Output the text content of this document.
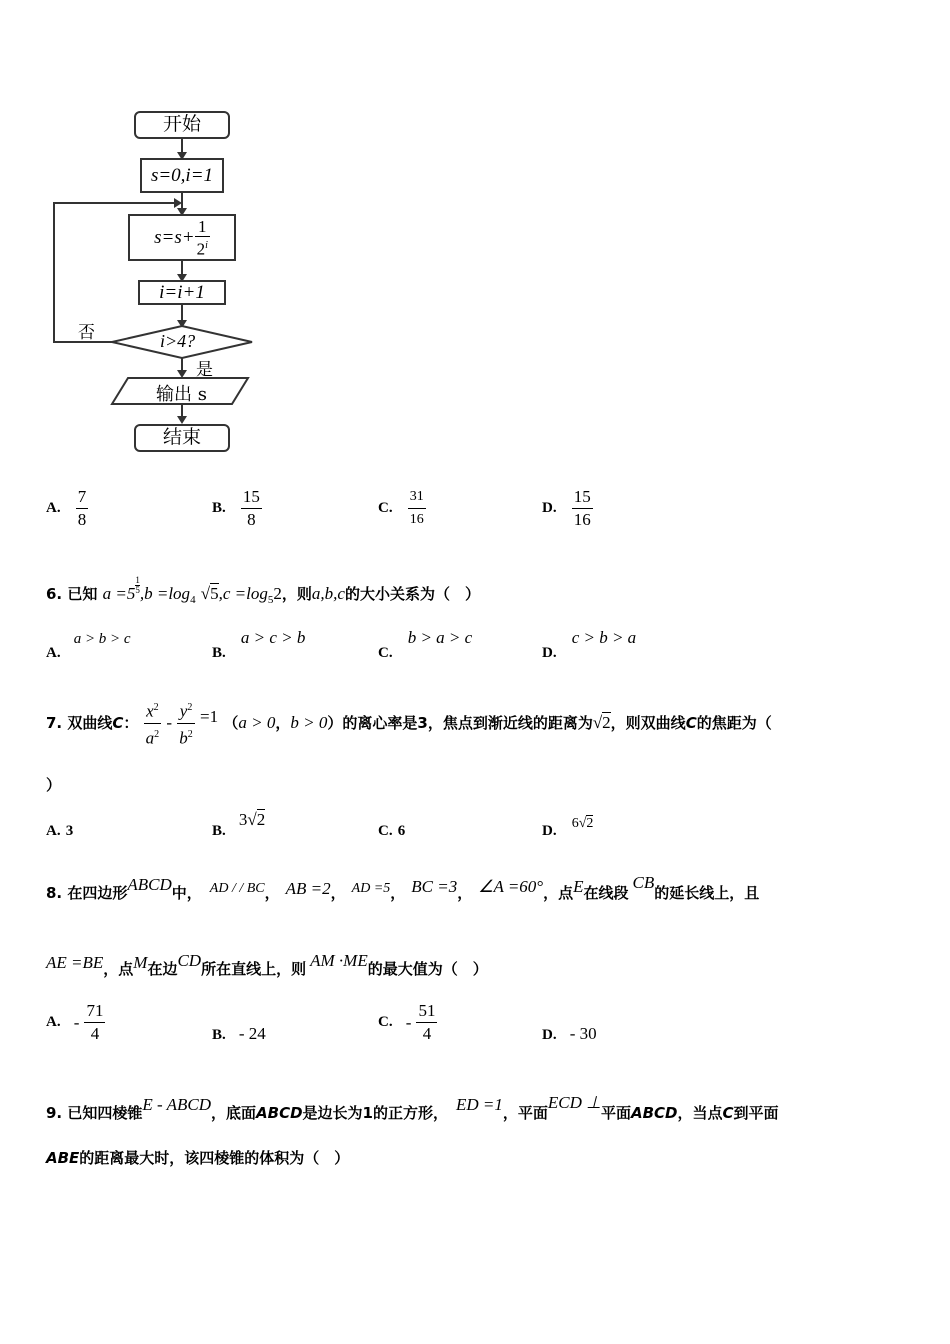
开始
s=0,i=1
$s=s+ \frac{1}{2^i}$
i=i+1
i>4?
否
是
输出 s
结束
A. $\frac{7}{8}$	B. $\frac{15}{8}$	C. $\frac{31}{16}$	D. $\frac{15}{16}$
6. 已知 $a =5 \frac{1}{5} ,b =\log_4$ $√5,c =\log_52$，则a,b,c的大小关系为（　）
A. a > b > c
B. a > c > b
C. b > a > c
D. c > b > a
7. 双曲线C： $\frac{x^2}{a^2} - \frac{y^2}{b^2} =1$ （a > 0，b > 0）的离心率是3，焦点到渐近线的距离为√2，则双曲线C的焦距为（
）
A. 3	B. 3√2
C. 6	D. 6√2
8. 在四边形ABCD中， AD / / BC， AB =2， AD =5， BC =3， ∠A =60°，点E在线段CB的延长线上，且
AE =BE，点M在边CD所在直线上，则 AM ·ME的最大值为（　）
A. - $\frac{71}{4}$	B. - 24
C. - $\frac{51}{4}$	D. - 30
9. 已知四棱锥E - ABCD，底面ABCD是边长为1的正方形， ED =1，平面ECD ⊥平面ABCD，当点C到平面
ABE的距离最大时，该四棱锥的体积为（　）
